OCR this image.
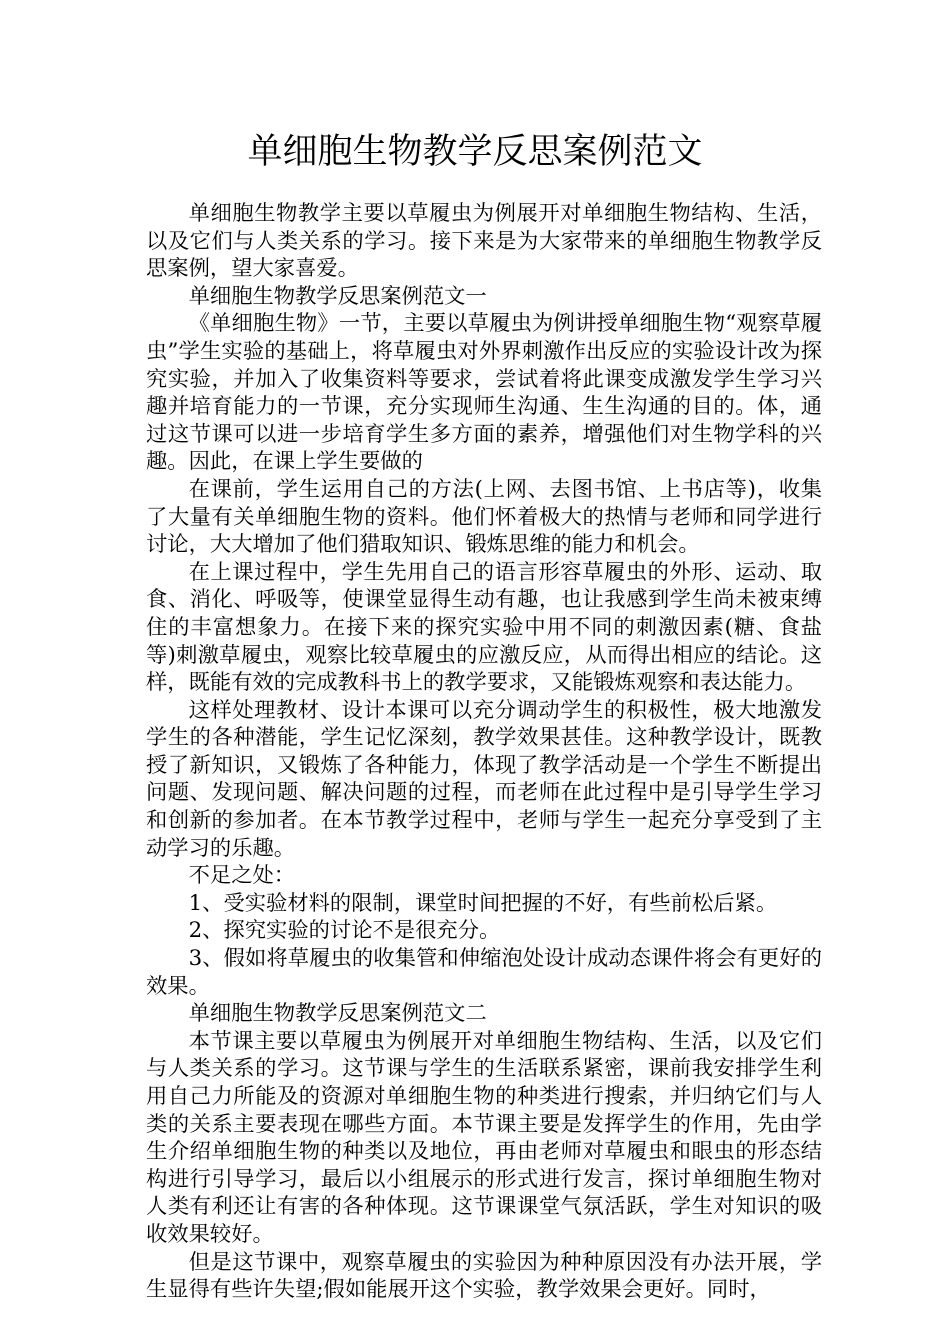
单细胞生物教学反思案例范文

单细胞生物教学主要以草履虫为例展开对单细胞生物结构、生活，以及它们与人类关系的学习。接下来是为大家带来的单细胞生物教学反思案例，望大家喜爱。

单细胞生物教学反思案例范文一

《单细胞生物》一节，主要以草履虫为例讲授单细胞生物“观察草履虫”学生实验的基础上，将草履虫对外界刺激作出反应的实验设计改为探究实验，并加入了收集资料等要求，尝试着将此课变成激发学生学习兴趣并培育能力的一节课，充分实现师生沟通、生生沟通的目的。体，通过这节课可以进一步培育学生多方面的素养，增强他们对生物学科的兴趣。因此，在课上学生要做的

在课前，学生运用自己的方法(上网、去图书馆、上书店等)，收集了大量有关单细胞生物的资料。他们怀着极大的热情与老师和同学进行讨论，大大增加了他们猎取知识、锻炼思维的能力和机会。

在上课过程中，学生先用自己的语言形容草履虫的外形、运动、取食、消化、呼吸等，使课堂显得生动有趣，也让我感到学生尚未被束缚住的丰富想象力。在接下来的探究实验中用不同的刺激因素(糖、食盐等)刺激草履虫，观察比较草履虫的应激反应，从而得出相应的结论。这样，既能有效的完成教科书上的教学要求，又能锻炼观察和表达能力。

这样处理教材、设计本课可以充分调动学生的积极性，极大地激发学生的各种潜能，学生记忆深刻，教学效果甚佳。这种教学设计，既教授了新知识，又锻炼了各种能力，体现了教学活动是一个学生不断提出问题、发现问题、解决问题的过程，而老师在此过程中是引导学生学习和创新的参加者。在本节教学过程中，老师与学生一起充分享受到了主动学习的乐趣。

不足之处：

1、受实验材料的限制，课堂时间把握的不好，有些前松后紧。

2、探究实验的讨论不是很充分。

3、假如将草履虫的收集管和伸缩泡处设计成动态课件将会有更好的效果。

单细胞生物教学反思案例范文二

本节课主要以草履虫为例展开对单细胞生物结构、生活，以及它们与人类关系的学习。这节课与学生的生活联系紧密，课前我安排学生利用自己力所能及的资源对单细胞生物的种类进行搜索，并归纳它们与人类的关系主要表现在哪些方面。本节课主要是发挥学生的作用，先由学生介绍单细胞生物的种类以及地位，再由老师对草履虫和眼虫的形态结构进行引导学习，最后以小组展示的形式进行发言，探讨单细胞生物对人类有利还让有害的各种体现。这节课课堂气氛活跃，学生对知识的吸收效果较好。

但是这节课中，观察草履虫的实验因为种种原因没有办法开展，学生显得有些许失望;假如能展开这个实验，教学效果会更好。同时，
